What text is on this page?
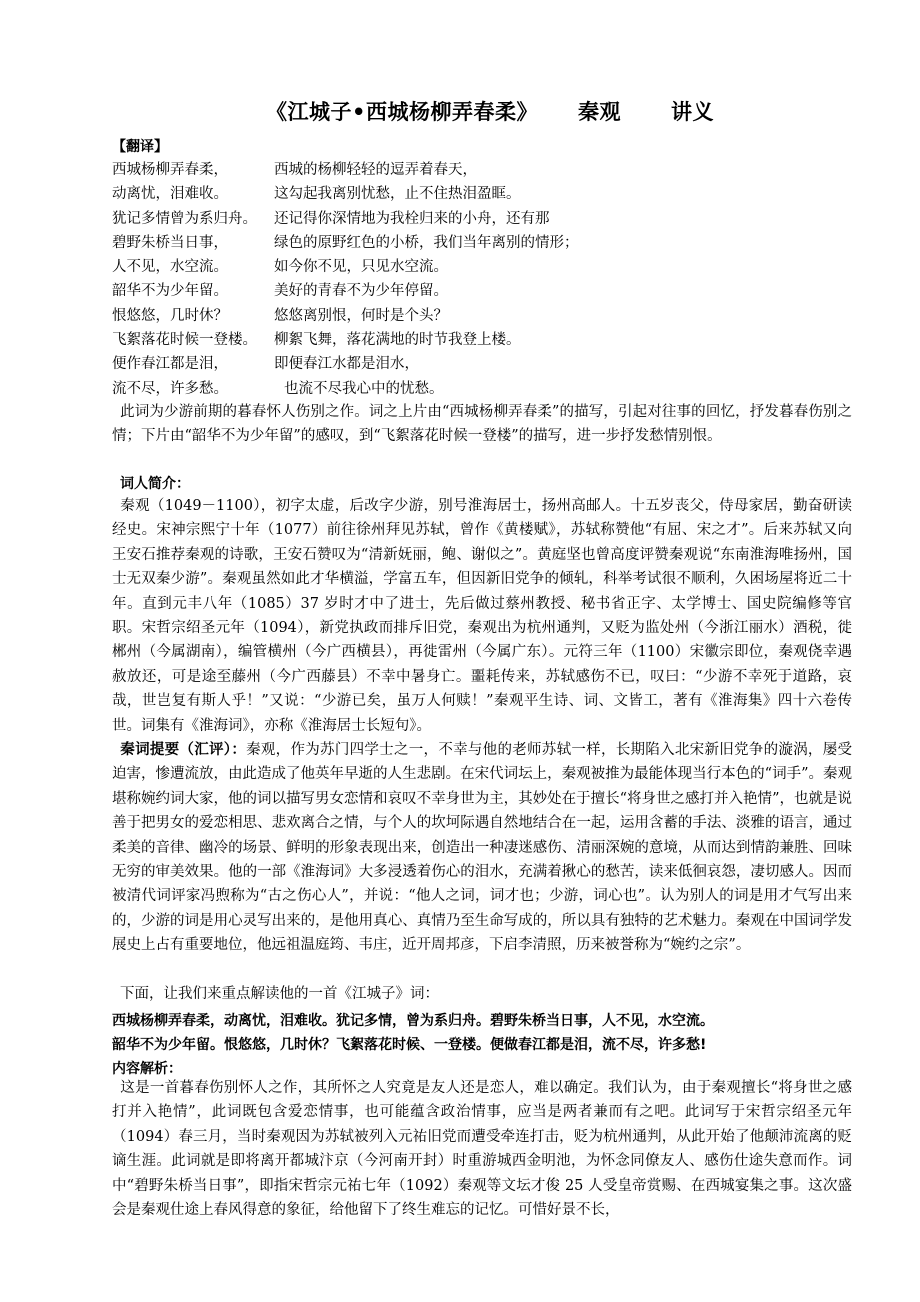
《江城子•西城杨柳弄春柔》 秦观 讲义
【翻译】
西城杨柳弄春柔，	西城的杨柳轻轻的逗弄着春天，
动离忧，泪难收。	这勾起我离别忧愁，止不住热泪盈眶。
犹记多情曾为系归舟。 还记得你深情地为我栓归来的小舟，还有那
碧野朱桥当日事，	绿色的原野红色的小桥，我们当年离别的情形；
人不见，水空流。	如今你不见，只见水空流。
韶华不为少年留。	美好的青春不为少年停留。
恨悠悠，几时休？	悠悠离别恨，何时是个头？
飞絮落花时候一登楼。 柳絮飞舞，落花满地的时节我登上楼。
便作春江都是泪，	即便春江水都是泪水，
流不尽，许多愁。	也流不尽我心中的忧愁。

此词为少游前期的暮春怀人伤别之作。词之上片由“西城杨柳弄春柔”的描写，引起对往事的回忆，抒发暮春伤别之情；下片由“韶华不为少年留”的感叹，到“飞絮落花时候一登楼”的描写，进一步抒发愁情别恨。

词人简介：

秦观（1049－1100），初字太虚，后改字少游，别号淮海居士，扬州高邮人。十五岁丧父，侍母家居，勤奋研读经史。宋神宗熙宁十年（1077）前往徐州拜见苏轼，曾作《黄楼赋》，苏轼称赞他“有屈、宋之才”。后来苏轼又向王安石推荐秦观的诗歌，王安石赞叹为“清新妩丽，鲍、谢似之”。黄庭坚也曾高度评赞秦观说“东南淮海唯扬州，国士无双秦少游”。秦观虽然如此才华横溢，学富五车，但因新旧党争的倾轧，科举考试很不顺利，久困场屋将近二十年。直到元丰八年（1085）37 岁时才中了进士，先后做过蔡州教授、秘书省正字、太学博士、国史院编修等官职。宋哲宗绍圣元年（1094），新党执政而排斥旧党，秦观出为杭州通判，又贬为监处州（今浙江丽水）酒税，徙郴州（今属湖南），编管横州（今广西横县），再徙雷州（今属广东）。元符三年（1100）宋徽宗即位，秦观侥幸遇赦放还，可是途至藤州（今广西藤县）不幸中暑身亡。噩耗传来，苏轼感伤不已，叹曰：“少游不幸死于道路，哀哉，世岂复有斯人乎！”又说：“少游已矣，虽万人何赎！”秦观平生诗、词、文皆工，著有《淮海集》四十六卷传世。词集有《淮海词》，亦称《淮海居士长短句》。

秦词提要（汇评）：秦观，作为苏门四学士之一，不幸与他的老师苏轼一样，长期陷入北宋新旧党争的漩涡，屡受迫害，惨遭流放，由此造成了他英年早逝的人生悲剧。在宋代词坛上，秦观被推为最能体现当行本色的“词手”。秦观堪称婉约词大家，他的词以描写男女恋情和哀叹不幸身世为主，其妙处在于擅长“将身世之感打并入艳情”，也就是说善于把男女的爱恋相思、悲欢离合之情，与个人的坎坷际遇自然地结合在一起，运用含蓄的手法、淡雅的语言，通过柔美的音律、幽冷的场景、鲜明的形象表现出来，创造出一种凄迷感伤、清丽深婉的意境，从而达到情韵兼胜、回味无穷的审美效果。他的一部《淮海词》大多浸透着伤心的泪水，充满着揪心的愁苦，读来低徊哀怨，凄切感人。因而被清代词评家冯煦称为“古之伤心人”，并说：“他人之词，词才也；少游，词心也”。认为别人的词是用才气写出来的，少游的词是用心灵写出来的，是他用真心、真情乃至生命写成的，所以具有独特的艺术魅力。秦观在中国词学发展史上占有重要地位，他远祖温庭筠、韦庄，近开周邦彦，下启李清照，历来被誉称为“婉约之宗”。

下面，让我们来重点解读他的一首《江城子》词：

西城杨柳弄春柔，动离忧，泪难收。犹记多情，曾为系归舟。碧野朱桥当日事，人不见，水空流。
韶华不为少年留。恨悠悠，几时休？飞絮落花时候、一登楼。便做春江都是泪，流不尽，许多愁!
内容解析：

这是一首暮春伤别怀人之作，其所怀之人究竟是友人还是恋人，难以确定。我们认为，由于秦观擅长“将身世之感打并入艳情”，此词既包含爱恋情事，也可能蕴含政治情事，应当是两者兼而有之吧。此词写于宋哲宗绍圣元年（1094）春三月，当时秦观因为苏轼被列入元祐旧党而遭受牵连打击，贬为杭州通判，从此开始了他颠沛流离的贬谪生涯。此词就是即将离开都城汴京（今河南开封）时重游城西金明池，为怀念同僚友人、感伤仕途失意而作。词中“碧野朱桥当日事”，即指宋哲宗元祐七年（1092）秦观等文坛才俊 25 人受皇帝赏赐、在西城宴集之事。这次盛会是秦观仕途上春风得意的象征，给他留下了终生难忘的记忆。可惜好景不长，
